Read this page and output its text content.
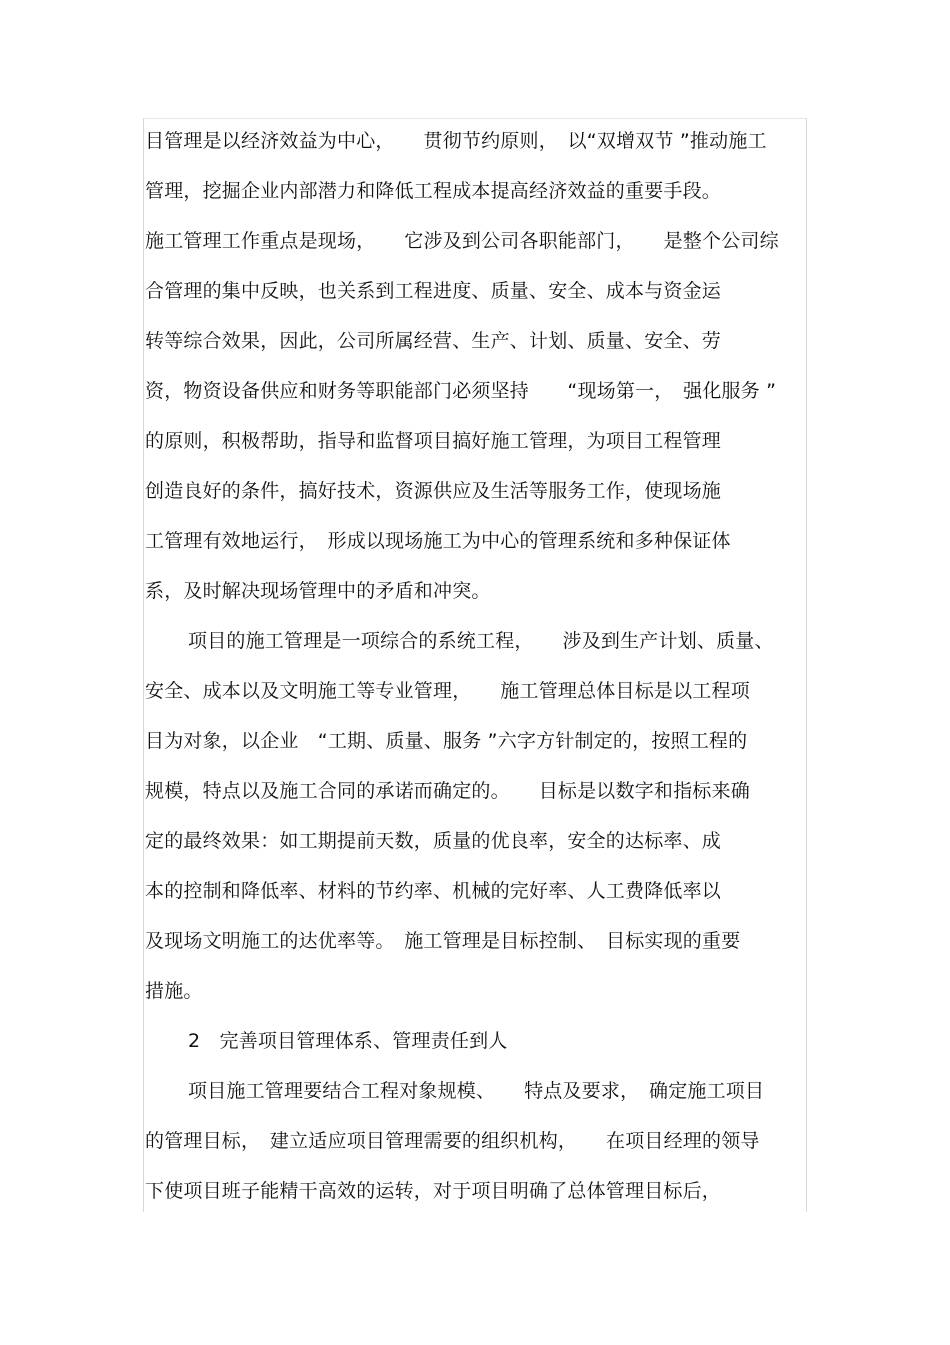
目管理是以经济效益为中心，　　贯彻节约原则，　以“双增双节 ”推动施工
管理，挖掘企业内部潜力和降低工程成本提高经济效益的重要手段。
施工管理工作重点是现场，　　它涉及到公司各职能部门，　　是整个公司综
合管理的集中反映，也关系到工程进度、质量、安全、成本与资金运
转等综合效果，因此，公司所属经营、生产、计划、质量、安全、劳
资，物资设备供应和财务等职能部门必须坚持　　“现场第一，　强化服务 ”
的原则，积极帮助，指导和监督项目搞好施工管理，为项目工程管理
创造良好的条件，搞好技术，资源供应及生活等服务工作，使现场施
工管理有效地运行，　形成以现场施工为中心的管理系统和多种保证体
系，及时解决现场管理中的矛盾和冲突。
项目的施工管理是一项综合的系统工程，　　涉及到生产计划、质量、
安全、成本以及文明施工等专业管理，　　施工管理总体目标是以工程项
目为对象，以企业　“工期、质量、服务 ”六字方针制定的，按照工程的
规模，特点以及施工合同的承诺而确定的。　　目标是以数字和指标来确
定的最终效果：如工期提前天数，质量的优良率，安全的达标率、成
本的控制和降低率、材料的节约率、机械的完好率、人工费降低率以
及现场文明施工的达优率等。　施工管理是目标控制、　目标实现的重要
措施。
2　完善项目管理体系、管理责任到人
项目施工管理要结合工程对象规模、　　特点及要求，　确定施工项目
的管理目标，　建立适应项目管理需要的组织机构，　　在项目经理的领导
下使项目班子能精干高效的运转，对于项目明确了总体管理目标后，
